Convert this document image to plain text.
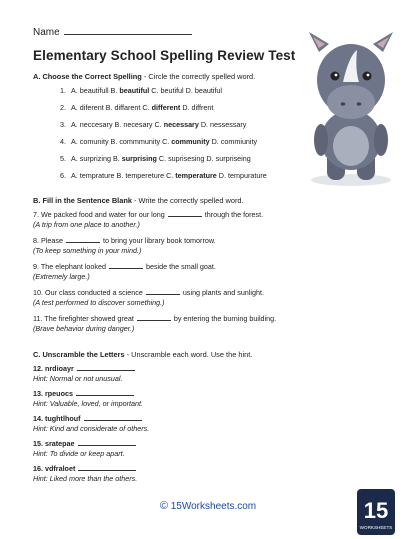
Name
Elementary School Spelling Review Test
A. Choose the Correct Spelling - Circle the correctly spelled word.
1. A. beautifull B. beautiful C. beutiful D. beautiful
2. A. diferent B. diffarent C. different D. diffrent
3. A. neccesary B. necesary C. necessary D. nessessary
4. A. comunity B. commmunity C. community D. commiunity
5. A. surprizing B. surprising C. suprisesing D. surpriseing
6. A. temprature B. tempereture C. temperature D. tempurature
B. Fill in the Sentence Blank - Write the correctly spelled word.
7. We packed food and water for our long	through the forest.
(A trip from one place to another.)
8. Please	to bring your library book tomorrow.
(To keep something in your mind.)
9. The elephant looked	beside the small goat.
(Extremely large.)
10. Our class conducted a science	using plants and sunlight.
(A test performed to discover something.)
11. The firefighter showed great	by entering the burning building.
(Brave behavior during danger.)
C. Unscramble the Letters - Unscramble each word. Use the hint.
12. nrdioayr
Hint: Normal or not unusual.
13. rpeuocs
Hint: Valuable, loved, or important.
14. tughtlhouf
Hint: Kind and considerate of others.
15. sratepae
Hint: To divide or keep apart.
16. vdfraloet
Hint: Liked more than the others.
© 15Worksheets.com	15
WORKSHEETS
